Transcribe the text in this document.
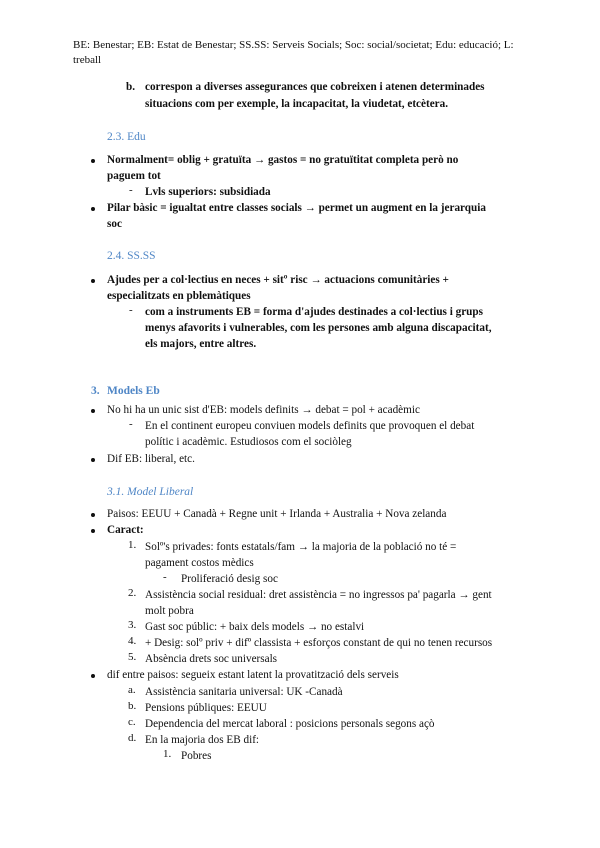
BE: Benestar; EB: Estat de Benestar; SS.SS: Serveis Socials; Soc: social/societat; Edu: educació; L:
treball
b. correspon a diverses assegurances que cobreixen i atenen determinades
situacions com per exemple, la incapacitat, la viudetat, etcètera.
2.3. Edu
Normalment= oblig + gratuïta → gastos = no gratuïtitat completa però no
paguem tot
- Lvls superiors: subsidiada
Pilar bàsic = igualtat entre classes socials → permet un augment en la jerarquia
soc
2.4. SS.SS
Ajudes per a col·lectius en neces + sitº risc → actuacions comunitàries +
especialitzats en pblemàtiques
- com a instruments EB = forma d'ajudes destinades a col·lectius i grups
menys afavorits i vulnerables, com les persones amb alguna discapacitat,
els majors, entre altres.
3. Models Eb
No hi ha un unic sist d'EB: models definits → debat = pol + acadèmic
- En el continent europeu conviuen models definits que provoquen el debat
polític i acadèmic. Estudiosos com el sociòleg
Dif EB: liberal, etc.
3.1. Model Liberal
Paisos: EEUU + Canadà + Regne unit + Irlanda + Australia + Nova zelanda
Caract:
1. Solº's privades: fonts estatals/fam → la majoria de la població no té =
pagament costos mèdics
- Proliferació desig soc
2. Assistència social residual: dret assistència = no ingressos pa' pagarla → gent
molt pobra
3. Gast soc públic: + baix dels models → no estalvi
4. + Desig: solº priv + difº classista + esforços constant de qui no tenen recursos
5. Absència drets soc universals
dif entre paisos: segueix estant latent la provatització dels serveis
a. Assistència sanitaria universal: UK -Canadà
b. Pensions públiques: EEUU
c. Dependencia del mercat laboral : posicions personals segons açò
d. En la majoria dos EB dif:
1. Pobres
